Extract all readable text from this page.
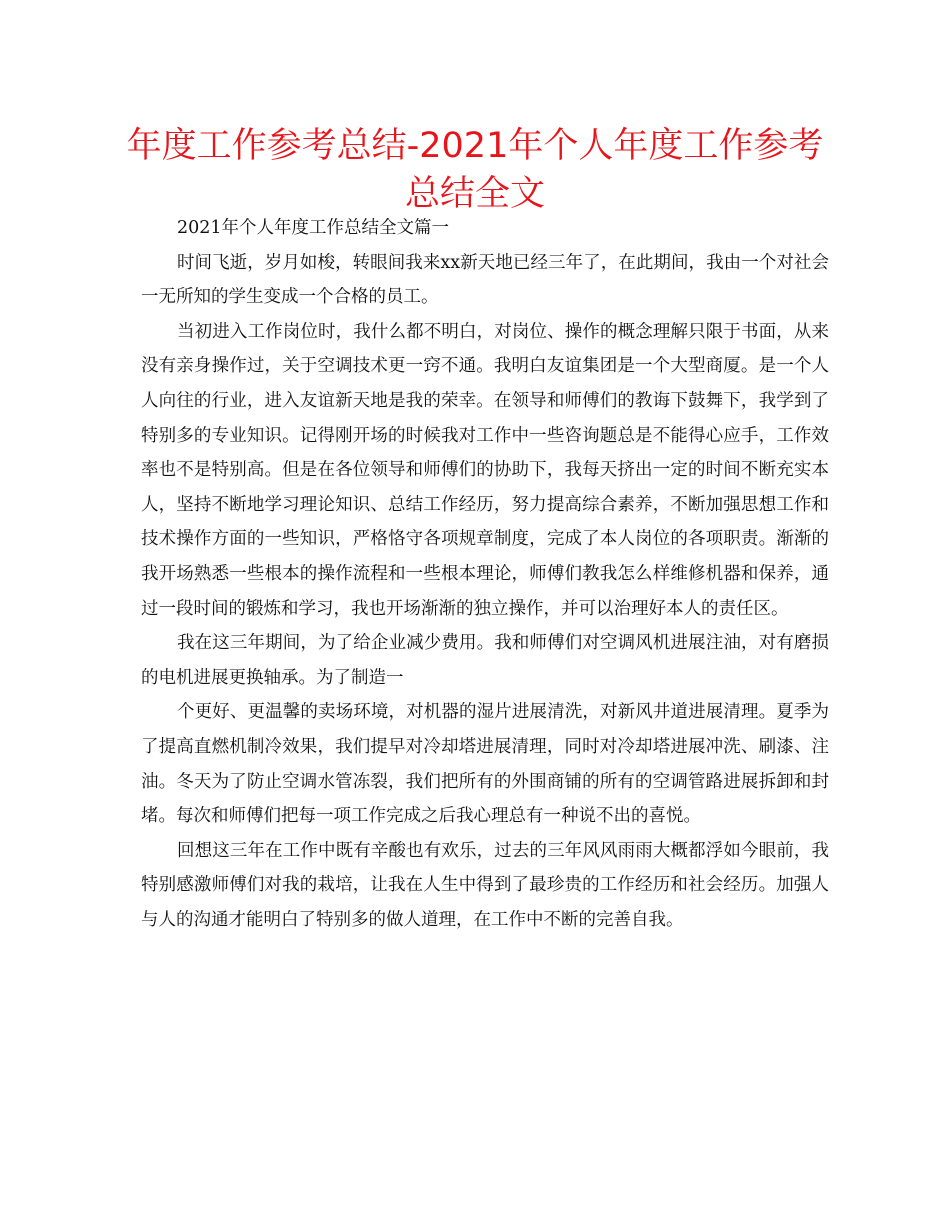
年度工作参考总结-2021年个人年度工作参考总结全文

2021年个人年度工作总结全文篇一

时间飞逝，岁月如梭，转眼间我来xx新天地已经三年了，在此期间，我由一个对社会一无所知的学生变成一个合格的员工。

当初进入工作岗位时，我什么都不明白，对岗位、操作的概念理解只限于书面，从来没有亲身操作过，关于空调技术更一窍不通。我明白友谊集团是一个大型商厦。是一个人人向往的行业，进入友谊新天地是我的荣幸。在领导和师傅们的教诲下鼓舞下，我学到了特别多的专业知识。记得刚开场的时候我对工作中一些咨询题总是不能得心应手，工作效率也不是特别高。但是在各位领导和师傅们的协助下，我每天挤出一定的时间不断充实本人，坚持不断地学习理论知识、总结工作经历，努力提高综合素养，不断加强思想工作和技术操作方面的一些知识，严格恪守各项规章制度，完成了本人岗位的各项职责。渐渐的我开场熟悉一些根本的操作流程和一些根本理论，师傅们教我怎么样维修机器和保养，通过一段时间的锻炼和学习，我也开场渐渐的独立操作，并可以治理好本人的责任区。

我在这三年期间，为了给企业减少费用。我和师傅们对空调风机进展注油，对有磨损的电机进展更换轴承。为了制造一

个更好、更温馨的卖场环境，对机器的湿片进展清洗，对新风井道进展清理。夏季为了提高直燃机制冷效果，我们提早对冷却塔进展清理，同时对冷却塔进展冲洗、刷漆、注油。冬天为了防止空调水管冻裂，我们把所有的外围商铺的所有的空调管路进展拆卸和封堵。每次和师傅们把每一项工作完成之后我心理总有一种说不出的喜悦。

回想这三年在工作中既有辛酸也有欢乐，过去的三年风风雨雨大概都浮如今眼前，我特别感激师傅们对我的栽培，让我在人生中得到了最珍贵的工作经历和社会经历。加强人与人的沟通才能明白了特别多的做人道理，在工作中不断的完善自我。
